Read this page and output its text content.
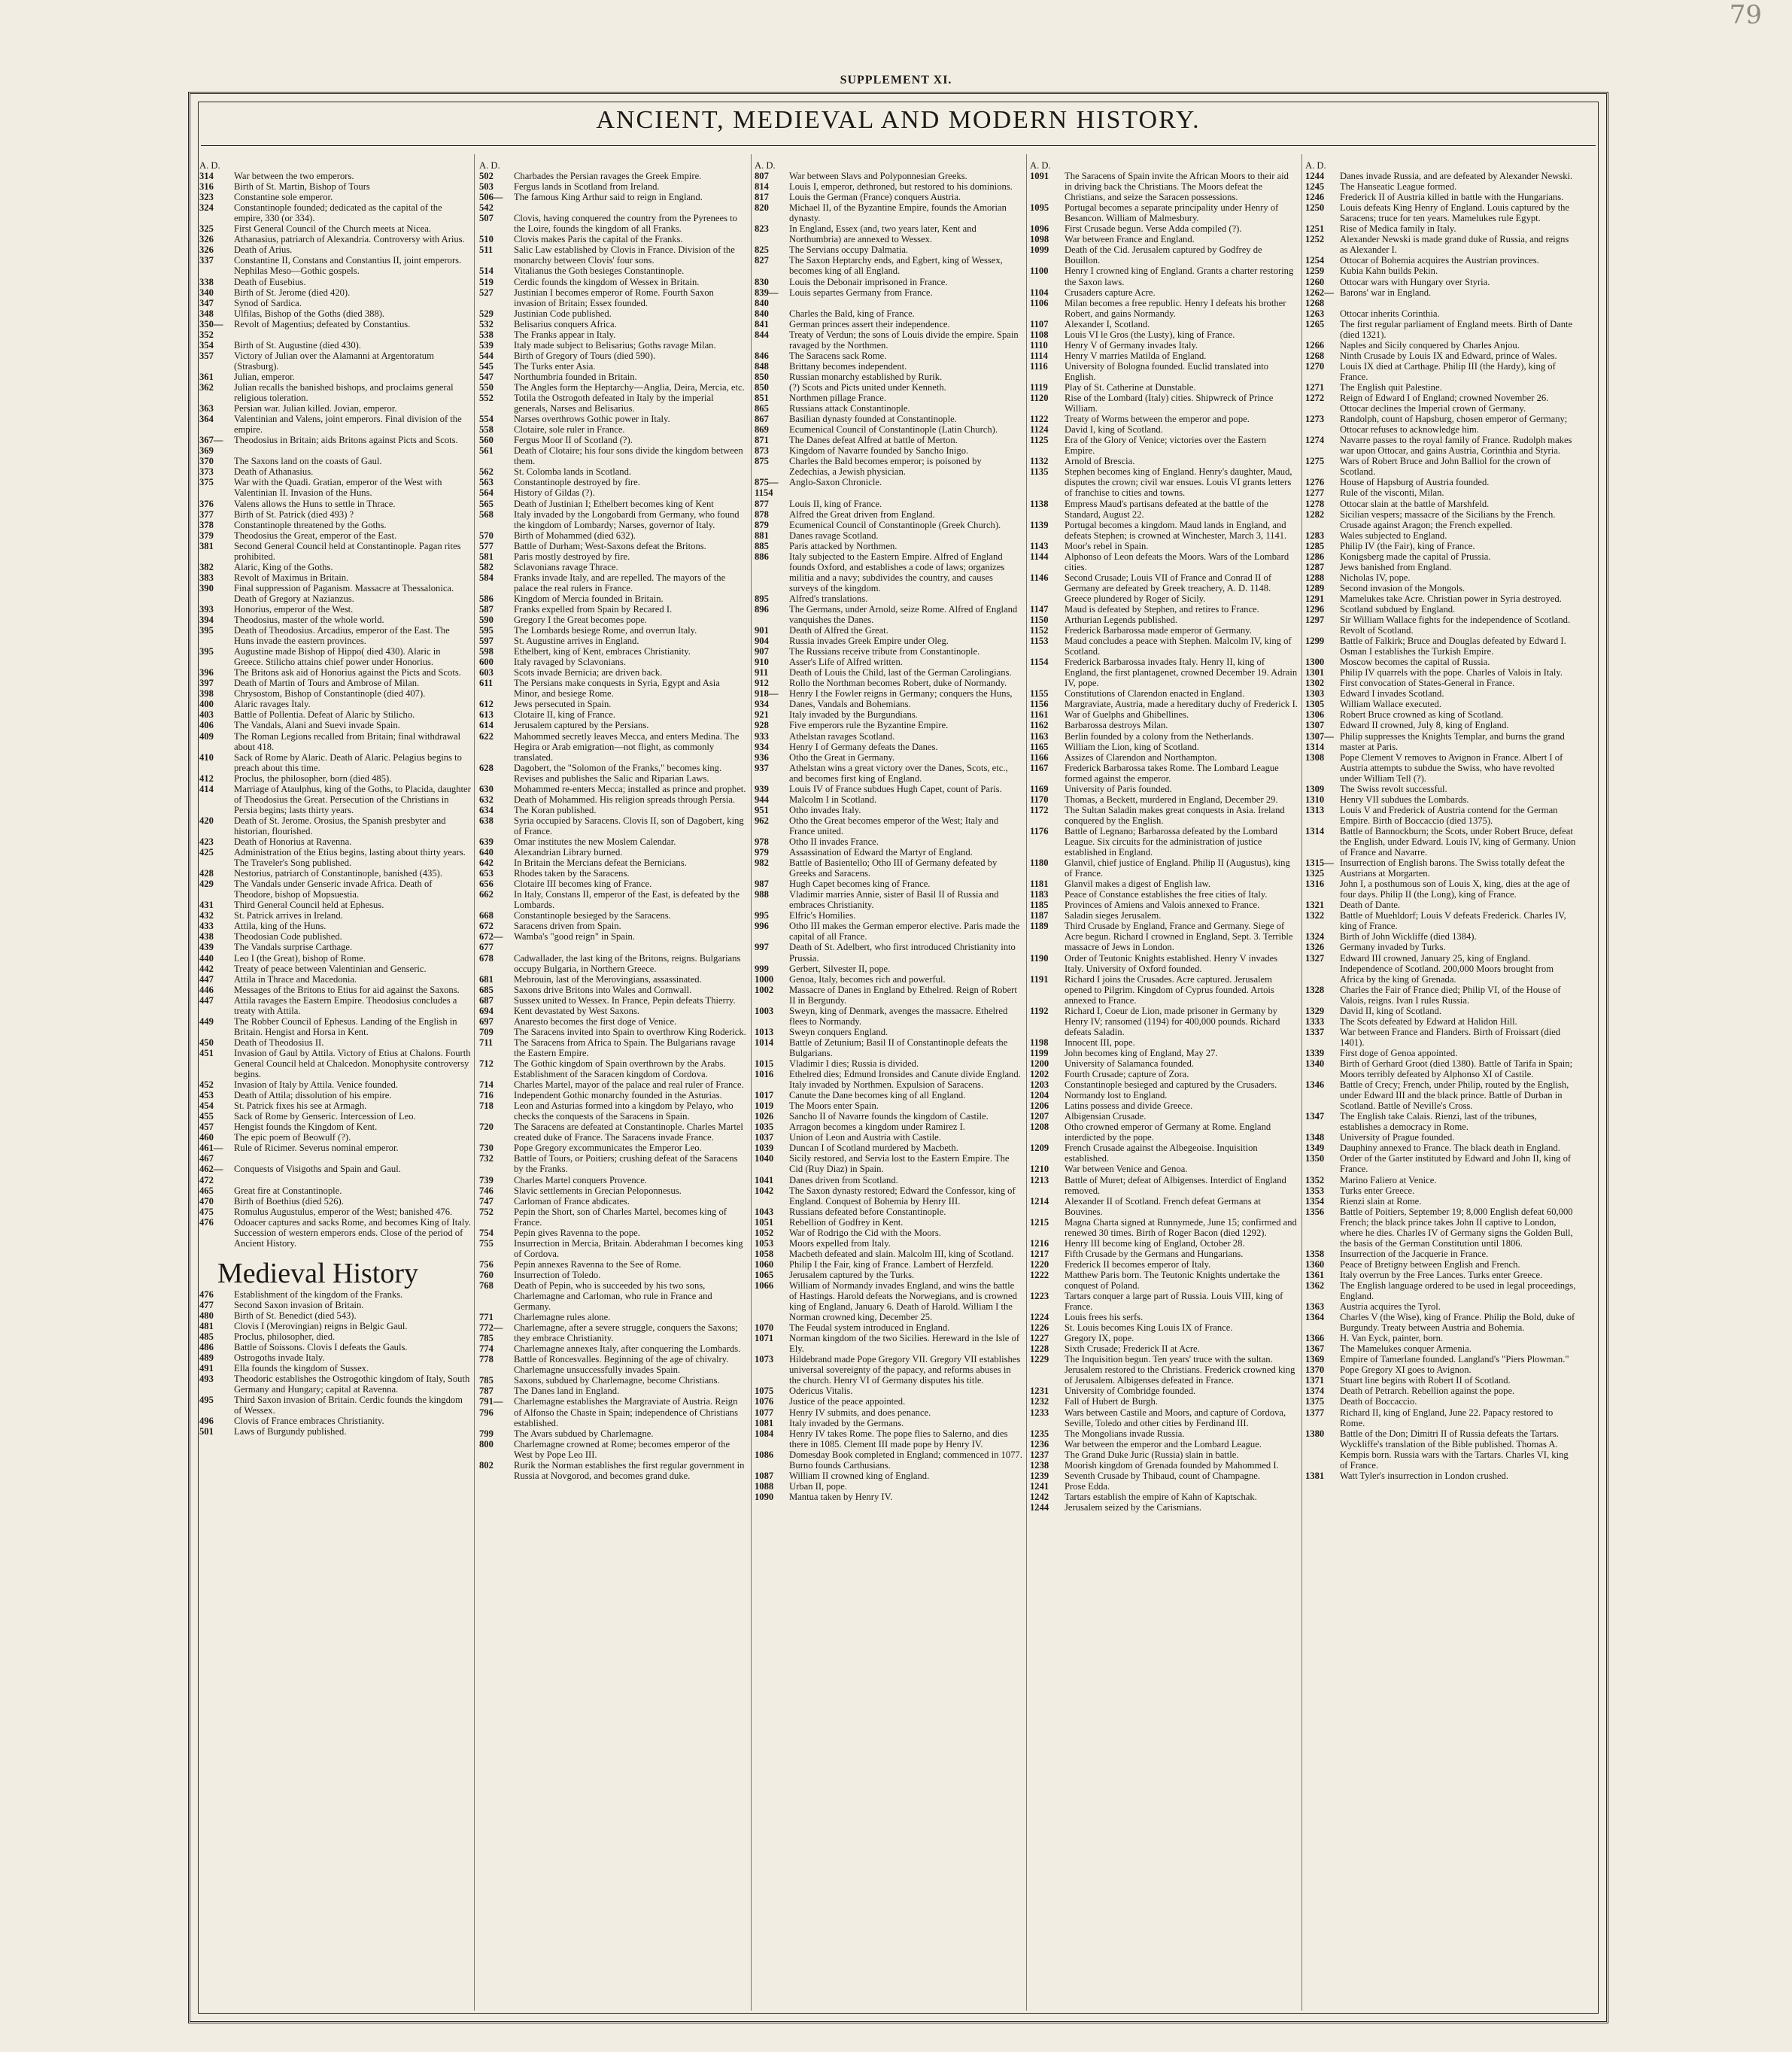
79
SUPPLEMENT XI.
ANCIENT, MEDIEVAL AND MODERN HISTORY.
A. D.
314	War between the two emperors.
316	Birth of St. Martin, Bishop of Tours
323	Constantine sole emperor.
324	Constantinople founded; dedicated as the capital of the empire, 330 (or 334).
325	First General Council of the Church meets at Nicea.
326	Athanasius, patriarch of Alexandria. Controversy with Arius.
326	Death of Arius.
337	Constantine II, Constans and Constantius II, joint emperors. Nephilas Meso—Gothic gospels.
338	Death of Eusebius.
340	Birth of St. Jerome (died 420).
347	Synod of Sardica.
348	Ulfilas, Bishop of the Goths (died 388).
350—352
Revolt of Magentius; defeated by Constantius.
354	Birth of St. Augustine (died 430).
357	Victory of Julian over the Alamanni at Argentoratum (Strasburg).
361	Julian, emperor.
362	Julian recalls the banished bishops, and proclaims general religious toleration.
363	Persian war. Julian killed. Jovian, emperor.
364	Valentinian and Valens, joint emperors. Final division of the empire.
367—369
Theodosius in Britain; aids Britons against Picts and Scots.
370	The Saxons land on the coasts of Gaul.
373	Death of Athanasius.
375	War with the Quadi. Gratian, emperor of the West with Valentinian II. Invasion of the Huns.
376	Valens allows the Huns to settle in Thrace.
377	Birth of St. Patrick (died 493) ?
378	Constantinople threatened by the Goths.
379	Theodosius the Great, emperor of the East.
381	Second General Council held at Constantinople. Pagan rites prohibited.
382	Alaric, King of the Goths.
383	Revolt of Maximus in Britain.
390	Final suppression of Paganism. Massacre at Thessalonica. Death of Gregory at Nazianzus.
393	Honorius, emperor of the West.
394	Theodosius, master of the whole world.
395	Death of Theodosius. Arcadius, emperor of the East. The Huns invade the eastern provinces.
395	Augustine made Bishop of Hippo( died 430). Alaric in Greece. Stilicho attains chief power under Honorius.
396	The Britons ask aid of Honorius against the Picts and Scots.
397	Death of Martin of Tours and Ambrose of Milan.
398	Chrysostom, Bishop of Constantinople (died 407).
400	Alaric ravages Italy.
403	Battle of Pollentia. Defeat of Alaric by Stilicho.
406	The Vandals, Alani and Suevi invade Spain.
409	The Roman Legions recalled from Britain; final withdrawal about 418.
410	Sack of Rome by Alaric. Death of Alaric. Pelagius begins to preach about this time.
412	Proclus, the philosopher, born (died 485).
414	Marriage of Ataulphus, king of the Goths, to Placida, daughter of Theodosius the Great. Persecution of the Christians in Persia begins; lasts thirty years.
420	Death of St. Jerome. Orosius, the Spanish presbyter and historian, flourished.
423	Death of Honorius at Ravenna.
425	Administration of the Etius begins, lasting about thirty years. The Traveler's Song published.
428	Nestorius, patriarch of Constantinople, banished (435).
429	The Vandals under Genseric invade Africa. Death of Theodore, bishop of Mopsuestia.
431	Third General Council held at Ephesus.
432	St. Patrick arrives in Ireland.
433	Attila, king of the Huns.
438	Theodosian Code published.
439	The Vandals surprise Carthage.
440	Leo I (the Great), bishop of Rome.
442	Treaty of peace between Valentinian and Genseric.
447	Attila in Thrace and Macedonia.
446	Messages of the Britons to Etius for aid against the Saxons.
447	Attila ravages the Eastern Empire. Theodosius concludes a treaty with Attila.
449	The Robber Council of Ephesus. Landing of the English in Britain. Hengist and Horsa in Kent.
450	Death of Theodosius II.
451	Invasion of Gaul by Attila. Victory of Etius at Chalons. Fourth General Council held at Chalcedon. Monophysite controversy begins.
452	Invasion of Italy by Attila. Venice founded.
453	Death of Attila; dissolution of his empire.
454	St. Patrick fixes his see at Armagh.
455	Sack of Rome by Genseric. Intercession of Leo.
457	Hengist founds the Kingdom of Kent.
460	The epic poem of Beowulf (?).
461—467
Rule of Ricimer. Severus nominal emperor.
462—472
Conquests of Visigoths and Spain and Gaul.
465	Great fire at Constantinople.
470	Birth of Boethius (died 526).
475	Romulus Augustulus, emperor of the West; banished 476.
476	Odoacer captures and sacks Rome, and becomes King of Italy. Succession of western emperors ends. Close of the period of Ancient History.
Medieval History
476	Establishment of the kingdom of the Franks.
477	Second Saxon invasion of Britain.
480	Birth of St. Benedict (died 543).
481	Clovis I (Merovingian) reigns in Belgic Gaul.
485	Proclus, philosopher, died.
486	Battle of Soissons. Clovis I defeats the Gauls.
489	Ostrogoths invade Italy.
491	Ella founds the kingdom of Sussex.
493	Theodoric establishes the Ostrogothic kingdom of Italy, South Germany and Hungary; capital at Ravenna.
495	Third Saxon invasion of Britain. Cerdic founds the kingdom of Wessex.
496	Clovis of France embraces Christianity.
501	Laws of Burgundy published.
A. D.
502	Charbades the Persian ravages the Greek Empire.
503	Fergus lands in Scotland from Ireland.
506—542
The famous King Arthur said to reign in England.
507	Clovis, having conquered the country from the Pyrenees to the Loire, founds the kingdom of all Franks.
510	Clovis makes Paris the capital of the Franks.
511	Salic Law established by Clovis in France. Division of the monarchy between Clovis' four sons.
514	Vitalianus the Goth besieges Constantinople.
519	Cerdic founds the kingdom of Wessex in Britain.
527	Justinian I becomes emperor of Rome. Fourth Saxon invasion of Britain; Essex founded.
529	Justinian Code published.
532	Belisarius conquers Africa.
538	The Franks appear in Italy.
539	Italy made subject to Belisarius; Goths ravage Milan.
544	Birth of Gregory of Tours (died 590).
545	The Turks enter Asia.
547	Northumbria founded in Britain.
550	The Angles form the Heptarchy—Anglia, Deira, Mercia, etc.
552	Totila the Ostrogoth defeated in Italy by the imperial generals, Narses and Belisarius.
554	Narses overthrows Gothic power in Italy.
558	Clotaire, sole ruler in France.
560	Fergus Moor II of Scotland (?).
561	Death of Clotaire; his four sons divide the kingdom between them.
562	St. Colomba lands in Scotland.
563	Constantinople destroyed by fire.
564	History of Gildas (?).
565	Death of Justinian I; Ethelbert becomes king of Kent
568	Italy invaded by the Longobardi from Germany, who found the kingdom of Lombardy; Narses, governor of Italy.
570	Birth of Mohammed (died 632).
577	Battle of Durham; West-Saxons defeat the Britons.
581	Paris mostly destroyed by fire.
582	Sclavonians ravage Thrace.
584	Franks invade Italy, and are repelled. The mayors of the palace the real rulers in France.
586	Kingdom of Mercia founded in Britain.
587	Franks expelled from Spain by Recared I.
590	Gregory I the Great becomes pope.
595	The Lombards besiege Rome, and overrun Italy.
597	St. Augustine arrives in England.
598	Ethelbert, king of Kent, embraces Christianity.
600	Italy ravaged by Sclavonians.
603	Scots invade Bernicia; are driven back.
611	The Persians make conquests in Syria, Egypt and Asia Minor, and besiege Rome.
612	Jews persecuted in Spain.
613	Clotaire II, king of France.
614	Jerusalem captured by the Persians.
622	Mahommed secretly leaves Mecca, and enters Medina. The Hegira or Arab emigration—not flight, as commonly translated.
628	Dagobert, the "Solomon of the Franks," becomes king. Revises and publishes the Salic and Riparian Laws.
630	Mohammed re-enters Mecca; installed as prince and prophet.
632	Death of Mohammed. His religion spreads through Persia.
634	The Koran published.
638	Syria occupied by Saracens. Clovis II, son of Dagobert, king of France.
639	Omar institutes the new Moslem Calendar.
640	Alexandrian Library burned.
642	In Britain the Mercians defeat the Bernicians.
653	Rhodes taken by the Saracens.
656	Clotaire III becomes king of France.
662	In Italy, Constans II, emperor of the East, is defeated by the Lombards.
668	Constantinople besieged by the Saracens.
672	Saracens driven from Spain.
672—677
Wamba's "good reign" in Spain.
678	Cadwallader, the last king of the Britons, reigns. Bulgarians occupy Bulgaria, in Northern Greece.
681	Mebrouin, last of the Merovingians, assassinated.
685	Saxons drive Britons into Wales and Cornwall.
687	Sussex united to Wessex. In France, Pepin defeats Thierry.
694	Kent devastated by West Saxons.
697	Anaresto becomes the first doge of Venice.
709	The Saracens invited into Spain to overthrow King Roderick.
711	The Saracens from Africa to Spain. The Bulgarians ravage the Eastern Empire.
712	The Gothic kingdom of Spain overthrown by the Arabs. Establishment of the Saracen kingdom of Cordova.
714	Charles Martel, mayor of the palace and real ruler of France.
716	Independent Gothic monarchy founded in the Asturias.
718	Leon and Asturias formed into a kingdom by Pelayo, who checks the conquests of the Saracens in Spain.
720	The Saracens are defeated at Constantinople. Charles Martel created duke of France. The Saracens invade France.
730	Pope Gregory excommunicates the Emperor Leo.
732	Battle of Tours, or Poitiers; crushing defeat of the Saracens by the Franks.
739	Charles Martel conquers Provence.
746	Slavic settlements in Grecian Peloponnesus.
747	Carloman of France abdicates.
752	Pepin the Short, son of Charles Martel, becomes king of France.
754	Pepin gives Ravenna to the pope.
755	Insurrection in Mercia, Britain. Abderahman I becomes king of Cordova.
756	Pepin annexes Ravenna to the See of Rome.
760	Insurrection of Toledo.
768	Death of Pepin, who is succeeded by his two sons, Charlemagne and Carloman, who rule in France and Germany.
771	Charlemagne rules alone.
772—785
Charlemagne, after a severe struggle, conquers the Saxons; they embrace Christianity.
774	Charlemagne annexes Italy, after conquering the Lombards.
778	Battle of Roncesvalles. Beginning of the age of chivalry. Charlemagne unsuccessfully invades Spain.
785	Saxons, subdued by Charlemagne, become Christians.
787	The Danes land in England.
791—796
Charlemagne establishes the Margraviate of Austria. Reign of Alfonso the Chaste in Spain; independence of Christians established.
799	The Avars subdued by Charlemagne.
800	Charlemagne crowned at Rome; becomes emperor of the West by Pope Leo III.
802	Rurik the Norman establishes the first regular government in Russia at Novgorod, and becomes grand duke.
A. D.
807	War between Slavs and Polyponnesian Greeks.
814	Louis I, emperor, dethroned, but restored to his dominions.
817	Louis the German (France) conquers Austria.
820	Michael II, of the Byzantine Empire, founds the Amorian dynasty.
823	In England, Essex (and, two years later, Kent and Northumbria) are annexed to Wessex.
825	The Servians occupy Dalmatia.
827	The Saxon Heptarchy ends, and Egbert, king of Wessex, becomes king of all England.
830	Louis the Debonair imprisoned in France.
839—840
Louis separtes Germany from France.
840	Charles the Bald, king of France.
841	German princes assert their independence.
844	Treaty of Verdun; the sons of Louis divide the empire. Spain ravaged by the Northmen.
846	The Saracens sack Rome.
848	Brittany becomes independent.
850	Russian monarchy established by Rurik.
850	(?) Scots and Picts united under Kenneth.
851	Northmen pillage France.
865	Russians attack Constantinople.
867	Basilian dynasty founded at Constantinople.
869	Ecumenical Council of Constantinople (Latin Church).
871	The Danes defeat Alfred at battle of Merton.
873	Kingdom of Navarre founded by Sancho Inigo.
875	Charles the Bald becomes emperor; is poisoned by Zedechias, a Jewish physician.
875—1154
Anglo-Saxon Chronicle.
877	Louis II, king of France.
878	Alfred the Great driven from England.
879	Ecumenical Council of Constantinople (Greek Church).
881	Danes ravage Scotland.
885	Paris attacked by Northmen.
886	Italy subjected to the Eastern Empire. Alfred of England founds Oxford, and establishes a code of laws; organizes militia and a navy; subdivides the country, and causes surveys of the kingdom.
895	Alfred's translations.
896	The Germans, under Arnold, seize Rome. Alfred of England vanquishes the Danes.
901	Death of Alfred the Great.
904	Russia invades Greek Empire under Oleg.
907	The Russians receive tribute from Constantinople.
910	Asser's Life of Alfred written.
911	Death of Louis the Child, last of the German Carolingians.
912	Rollo the Northman becomes Robert, duke of Normandy.
918—934
Henry I the Fowler reigns in Germany; conquers the Huns, Danes, Vandals and Bohemians.
921	Italy invaded by the Burgundians.
928	Five emperors rule the Byzantine Empire.
933	Athelstan ravages Scotland.
934	Henry I of Germany defeats the Danes.
936	Otho the Great in Germany.
937	Athelstan wins a great victory over the Danes, Scots, etc., and becomes first king of England.
939	Louis IV of France subdues Hugh Capet, count of Paris.
944	Malcolm I in Scotland.
951	Otho invades Italy.
962	Otho the Great becomes emperor of the West; Italy and France united.
978	Otho II invades France.
979	Assassination of Edward the Martyr of England.
982	Battle of Basientello; Otho III of Germany defeated by Greeks and Saracens.
987	Hugh Capet becomes king of France.
988	Vladimir marries Annie, sister of Basil II of Russia and embraces Christianity.
995	Elfric's Homilies.
996	Otho III makes the German emperor elective. Paris made the capital of all France.
997	Death of St. Adelbert, who first introduced Christianity into Prussia.
999	Gerbert, Silvester II, pope.
1000	Genoa, Italy, becomes rich and powerful.
1002	Massacre of Danes in England by Ethelred. Reign of Robert II in Bergundy.
1003	Sweyn, king of Denmark, avenges the massacre. Ethelred flees to Normandy.
1013	Sweyn conquers England.
1014	Battle of Zetunium; Basil II of Constantinople defeats the Bulgarians.
1015	Vladimir I dies; Russia is divided.
1016	Ethelred dies; Edmund Ironsides and Canute divide England. Italy invaded by Northmen. Expulsion of Saracens.
1017	Canute the Dane becomes king of all England.
1019	The Moors enter Spain.
1026	Sancho II of Navarre founds the kingdom of Castile.
1035	Arragon becomes a kingdom under Ramirez I.
1037	Union of Leon and Austria with Castile.
1039	Duncan I of Scotland murdered by Macbeth.
1040	Sicily restored, and Servia lost to the Eastern Empire. The Cid (Ruy Diaz) in Spain.
1041	Danes driven from Scotland.
1042	The Saxon dynasty restored; Edward the Confessor, king of England. Conquest of Bohemia by Henry III.
1043	Russians defeated before Constantinople.
1051	Rebellion of Godfrey in Kent.
1052	War of Rodrigo the Cid with the Moors.
1053	Moors expelled from Italy.
1058	Macbeth defeated and slain. Malcolm III, king of Scotland.
1060	Philip I the Fair, king of France. Lambert of Herzfeld.
1065	Jerusalem captured by the Turks.
1066	William of Normandy invades England, and wins the battle of Hastings. Harold defeats the Norwegians, and is crowned king of England, January 6. Death of Harold. William I the Norman crowned king, December 25.
1070	The Feudal system introduced in England.
1071	Norman kingdom of the two Sicilies. Hereward in the Isle of Ely.
1073	Hildebrand made Pope Gregory VII. Gregory VII establishes universal sovereignty of the papacy, and reforms abuses in the church. Henry VI of Germany disputes his title.
1075	Odericus Vitalis.
1076	Justice of the peace appointed.
1077	Henry IV submits, and does penance.
1081	Italy invaded by the Germans.
1084	Henry IV takes Rome. The pope flies to Salerno, and dies there in 1085. Clement III made pope by Henry IV.
1086	Domesday Book completed in England; commenced in 1077. Burno founds Carthusians.
1087	William II crowned king of England.
1088	Urban II, pope.
1090	Mantua taken by Henry IV.
A. D.
1091	The Saracens of Spain invite the African Moors to their aid in driving back the Christians. The Moors defeat the Christians, and seize the Saracen possessions.
1095	Portugal becomes a separate principality under Henry of Besancon. William of Malmesbury.
1096	First Crusade begun. Verse Adda compiled (?).
1098	War between France and England.
1099	Death of the Cid. Jerusalem captured by Godfrey de Bouillon.
1100	Henry I crowned king of England. Grants a charter restoring the Saxon laws.
1104	Crusaders capture Acre.
1106	Milan becomes a free republic. Henry I defeats his brother Robert, and gains Normandy.
1107	Alexander I, Scotland.
1108	Louis VI le Gros (the Lusty), king of France.
1110	Henry V of Germany invades Italy.
1114	Henry V marries Matilda of England.
1116	University of Bologna founded. Euclid translated into English.
1119	Play of St. Catherine at Dunstable.
1120	Rise of the Lombard (Italy) cities. Shipwreck of Prince William.
1122	Treaty of Worms between the emperor and pope.
1124	David I, king of Scotland.
1125	Era of the Glory of Venice; victories over the Eastern Empire.
1132	Arnold of Brescia.
1135	Stephen becomes king of England. Henry's daughter, Maud, disputes the crown; civil war ensues. Louis VI grants letters of franchise to cities and towns.
1138	Empress Maud's partisans defeated at the battle of the Standard, August 22.
1139	Portugal becomes a kingdom. Maud lands in England, and defeats Stephen; is crowned at Winchester, March 3, 1141.
1143	Moor's rebel in Spain.
1144	Alphonso of Leon defeats the Moors. Wars of the Lombard cities.
1146	Second Crusade; Louis VII of France and Conrad II of Germany are defeated by Greek treachery, A. D. 1148. Greece plundered by Roger of Sicily.
1147	Maud is defeated by Stephen, and retires to France.
1150	Arthurian Legends published.
1152	Frederick Barbarossa made emperor of Germany.
1153	Maud concludes a peace with Stephen. Malcolm IV, king of Scotland.
1154	Frederick Barbarossa invades Italy. Henry II, king of England, the first plantagenet, crowned December 19. Adrain IV, pope.
1155	Constitutions of Clarendon enacted in England.
1156	Margraviate, Austria, made a hereditary duchy of Frederick I.
1161	War of Guelphs and Ghibellines.
1162	Barbarossa destroys Milan.
1163	Berlin founded by a colony from the Netherlands.
1165	William the Lion, king of Scotland.
1166	Assizes of Clarendon and Northampton.
1167	Frederick Barbarossa takes Rome. The Lombard League formed against the emperor.
1169	University of Paris founded.
1170	Thomas, a Beckett, murdered in England, December 29.
1172	The Sultan Saladin makes great conquests in Asia. Ireland conquered by the English.
1176	Battle of Legnano; Barbarossa defeated by the Lombard League. Six circuits for the administration of justice established in England.
1180	Glanvil, chief justice of England. Philip II (Augustus), king of France.
1181	Glanvil makes a digest of English law.
1183	Peace of Constance establishes the free cities of Italy.
1185	Provinces of Amiens and Valois annexed to France.
1187	Saladin sieges Jerusalem.
1189	Third Crusade by England, France and Germany. Siege of Acre begun. Richard I crowned in England, Sept. 3. Terrible massacre of Jews in London.
1190	Order of Teutonic Knights established. Henry V invades Italy. University of Oxford founded.
1191	Richard I joins the Crusades. Acre captured. Jerusalem opened to Pilgrim. Kingdom of Cyprus founded. Artois annexed to France.
1192	Richard I, Coeur de Lion, made prisoner in Germany by Henry IV; ransomed (1194) for 400,000 pounds. Richard defeats Saladin.
1198	Innocent III, pope.
1199	John becomes king of England, May 27.
1200	University of Salamanca founded.
1202	Fourth Crusade; capture of Zora.
1203	Constantinople besieged and captured by the Crusaders.
1204	Normandy lost to England.
1206	Latins possess and divide Greece.
1207	Albigensian Crusade.
1208	Otho crowned emperor of Germany at Rome. England interdicted by the pope.
1209	French Crusade against the Albegeoise. Inquisition established.
1210	War between Venice and Genoa.
1213	Battle of Muret; defeat of Albigenses. Interdict of England removed.
1214	Alexander II of Scotland. French defeat Germans at Bouvines.
1215	Magna Charta signed at Runnymede, June 15; confirmed and renewed 30 times. Birth of Roger Bacon (died 1292).
1216	Henry III become king of England, October 28.
1217	Fifth Crusade by the Germans and Hungarians.
1220	Frederick II becomes emperor of Italy.
1222	Matthew Paris born. The Teutonic Knights undertake the conquest of Poland.
1223	Tartars conquer a large part of Russia. Louis VIII, king of France.
1224	Louis frees his serfs.
1226	St. Louis becomes King Louis IX of France.
1227	Gregory IX, pope.
1228	Sixth Crusade; Frederick II at Acre.
1229	The Inquisition begun. Ten years' truce with the sultan. Jerusalem restored to the Christians. Frederick crowned king of Jerusalem. Albigenses defeated in France.
1231	University of Combridge founded.
1232	Fall of Hubert de Burgh.
1233	Wars between Castile and Moors, and capture of Cordova, Seville, Toledo and other cities by Ferdinand III.
1235	The Mongolians invade Russia.
1236	War between the emperor and the Lombard League.
1237	The Grand Duke Juric (Russia) slain in battle.
1238	Moorish kingdom of Grenada founded by Mahommed I.
1239	Seventh Crusade by Thibaud, count of Champagne.
1241	Prose Edda.
1242	Tartars establish the empire of Kahn of Kaptschak.
1244	Jerusalem seized by the Carismians.
A. D.
1244	Danes invade Russia, and are defeated by Alexander Newski.
1245	The Hanseatic League formed.
1246	Frederick II of Austria killed in battle with the Hungarians.
1250	Louis defeats King Henry of England. Louis captured by the Saracens; truce for ten years. Mamelukes rule Egypt.
1251	Rise of Medica family in Italy.
1252	Alexander Newski is made grand duke of Russia, and reigns as Alexander I.
1254	Ottocar of Bohemia acquires the Austrian provinces.
1259	Kubia Kahn builds Pekin.
1260	Ottocar wars with Hungary over Styria.
1262—1268
Barons' war in England.
1263	Ottocar inherits Corinthia.
1265	The first regular parliament of England meets. Birth of Dante (died 1321).
1266	Naples and Sicily conquered by Charles Anjou.
1268	Ninth Crusade by Louis IX and Edward, prince of Wales.
1270	Louis IX died at Carthage. Philip III (the Hardy), king of France.
1271	The English quit Palestine.
1272	Reign of Edward I of England; crowned November 26. Ottocar declines the Imperial crown of Germany.
1273	Randolph, count of Hapsburg, chosen emperor of Germany; Ottocar refuses to acknowledge him.
1274	Navarre passes to the royal family of France. Rudolph makes war upon Ottocar, and gains Austria, Corinthia and Styria.
1275	Wars of Robert Bruce and John Balliol for the crown of Scotland.
1276	House of Hapsburg of Austria founded.
1277	Rule of the visconti, Milan.
1278	Ottocar slain at the battle of Marshfeld.
1282	Sicilian vespers; massacre of the Sicilians by the French. Crusade against Aragon; the French expelled.
1283	Wales subjected to England.
1285	Philip IV (the Fair), king of France.
1286	Konigsberg made the capital of Prussia.
1287	Jews banished from England.
1288	Nicholas IV, pope.
1289	Second invasion of the Mongols.
1291	Mamelukes take Acre. Christian power in Syria destroyed.
1296	Scotland subdued by England.
1297	Sir William Wallace fights for the independence of Scotland. Revolt of Scotland.
1299	Battle of Falkirk; Bruce and Douglas defeated by Edward I. Osman I establishes the Turkish Empire.
1300	Moscow becomes the capital of Russia.
1301	Philip IV quarrels with the pope. Charles of Valois in Italy.
1302	First convocation of States-General in France.
1303	Edward I invades Scotland.
1305	William Wallace executed.
1306	Robert Bruce crowned as king of Scotland.
1307	Edward II crowned, July 8, king of England.
1307—1314
Philip suppresses the Knights Templar, and burns the grand master at Paris.
1308	Pope Clement V removes to Avignon in France. Albert I of Austria attempts to subdue the Swiss, who have revolted under William Tell (?).
1309	The Swiss revolt successful.
1310	Henry VII subdues the Lombards.
1313	Louis V and Frederick of Austria contend for the German Empire. Birth of Boccaccio (died 1375).
1314	Battle of Bannockburn; the Scots, under Robert Bruce, defeat the English, under Edward. Louis IV, king of Germany. Union of France and Navarre.
1315—1325
Insurrection of English barons. The Swiss totally defeat the Austrians at Morgarten.
1316	John I, a posthumous son of Louis X, king, dies at the age of four days. Philip II (the Long), king of France.
1321	Death of Dante.
1322	Battle of Muehldorf; Louis V defeats Frederick. Charles IV, king of France.
1324	Birth of John Wickliffe (died 1384).
1326	Germany invaded by Turks.
1327	Edward III crowned, January 25, king of England. Independence of Scotland. 200,000 Moors brought from Africa by the king of Grenada.
1328	Charles the Fair of France died; Philip VI, of the House of Valois, reigns. Ivan I rules Russia.
1329	David II, king of Scotland.
1333	The Scots defeated by Edward at Halidon Hill.
1337	War between France and Flanders. Birth of Froissart (died 1401).
1339	First doge of Genoa appointed.
1340	Birth of Gerhard Groot (died 1380). Battle of Tarifa in Spain; Moors terribly defeated by Alphonso XI of Castile.
1346	Battle of Crecy; French, under Philip, routed by the English, under Edward III and the black prince. Battle of Durban in Scotland. Battle of Neville's Cross.
1347	The English take Calais. Rienzi, last of the tribunes, establishes a democracy in Rome.
1348	University of Prague founded.
1349	Dauphiny annexed to France. The black death in England.
1350	Order of the Garter instituted by Edward and John II, king of France.
1352	Marino Faliero at Venice.
1353	Turks enter Greece.
1354	Rienzi slain at Rome.
1356	Battle of Poitiers, September 19; 8,000 English defeat 60,000 French; the black prince takes John II captive to London, where he dies. Charles IV of Germany signs the Golden Bull, the basis of the German Constitution until 1806.
1358	Insurrection of the Jacquerie in France.
1360	Peace of Bretigny between English and French.
1361	Italy overrun by the Free Lances. Turks enter Greece.
1362	The English language ordered to be used in legal proceedings, England.
1363	Austria acquires the Tyrol.
1364	Charles V (the Wise), king of France. Philip the Bold, duke of Burgundy. Treaty between Austria and Bohemia.
1366	H. Van Eyck, painter, born.
1367	The Mamelukes conquer Armenia.
1369	Empire of Tamerlane founded. Langland's "Piers Plowman."
1370	Pope Gregory XI goes to Avignon.
1371	Stuart line begins with Robert II of Scotland.
1374	Death of Petrarch. Rebellion against the pope.
1375	Death of Boccaccio.
1377	Richard II, king of England, June 22. Papacy restored to Rome.
1380	Battle of the Don; Dimitri II of Russia defeats the Tartars. Wyckliffe's translation of the Bible published. Thomas A. Kempis born. Russia wars with the Tartars. Charles VI, king of France.
1381	Watt Tyler's insurrection in London crushed.
